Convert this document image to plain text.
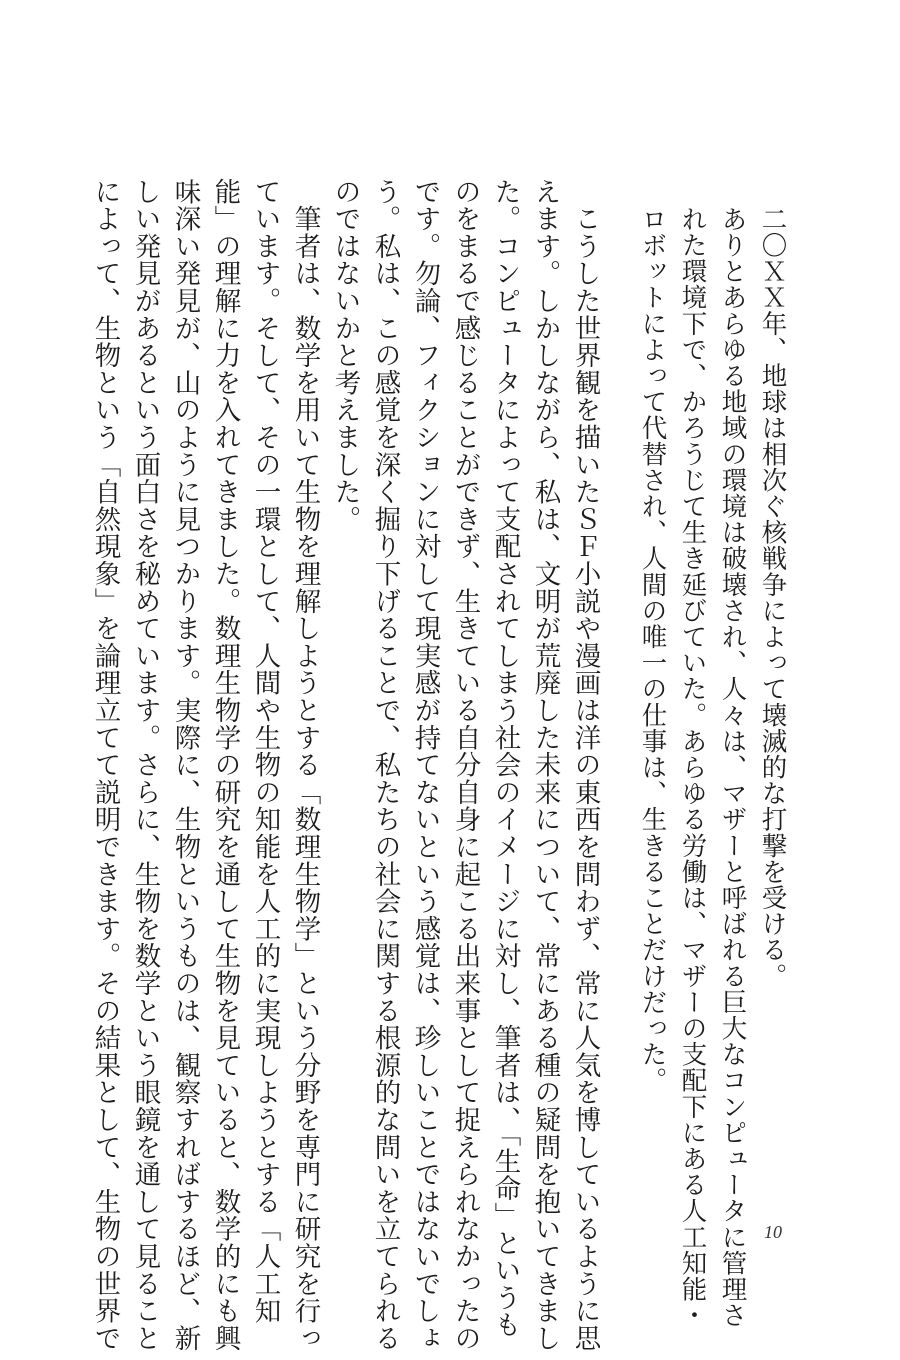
二〇ＸＸ年、地球は相次ぐ核戦争によって壊滅的な打撃を受ける。
ありとあらゆる地域の環境は破壊され、人々は、マザーと呼ばれる巨大なコンピュータに管理さ
れた環境下で、かろうじて生き延びていた。あらゆる労働は、マザーの支配下にある人工知能・
ロボットによって代替され、人間の唯一の仕事は、生きることだけだった。
　こうした世界観を描いたＳＦ小説や漫画は洋の東西を問わず、常に人気を博しているように思
えます。しかしながら、私は、文明が荒廃した未来について、常にある種の疑問を抱いてきまし
た。コンピュータによって支配されてしまう社会のイメージに対し、筆者は、「生命」というも
のをまるで感じることができず、生きている自分自身に起こる出来事として捉えられなかったの
です。勿論、フィクションに対して現実感が持てないという感覚は、珍しいことではないでしょ
う。私は、この感覚を深く掘り下げることで、私たちの社会に関する根源的な問いを立てられる
のではないかと考えました。
　筆者は、数学を用いて生物を理解しようとする「数理生物学」という分野を専門に研究を行っ
ています。そして、その一環として、人間や生物の知能を人工的に実現しようとする「人工知
能」の理解に力を入れてきました。数理生物学の研究を通して生物を見ていると、数学的にも興
味深い発見が、山のように見つかります。実際に、生物というものは、観察すればするほど、新
しい発見があるという面白さを秘めています。さらに、生物を数学という眼鏡を通して見ること
によって、生物という「自然現象」を論理立てて説明できます。その結果として、生物の世界で	10
